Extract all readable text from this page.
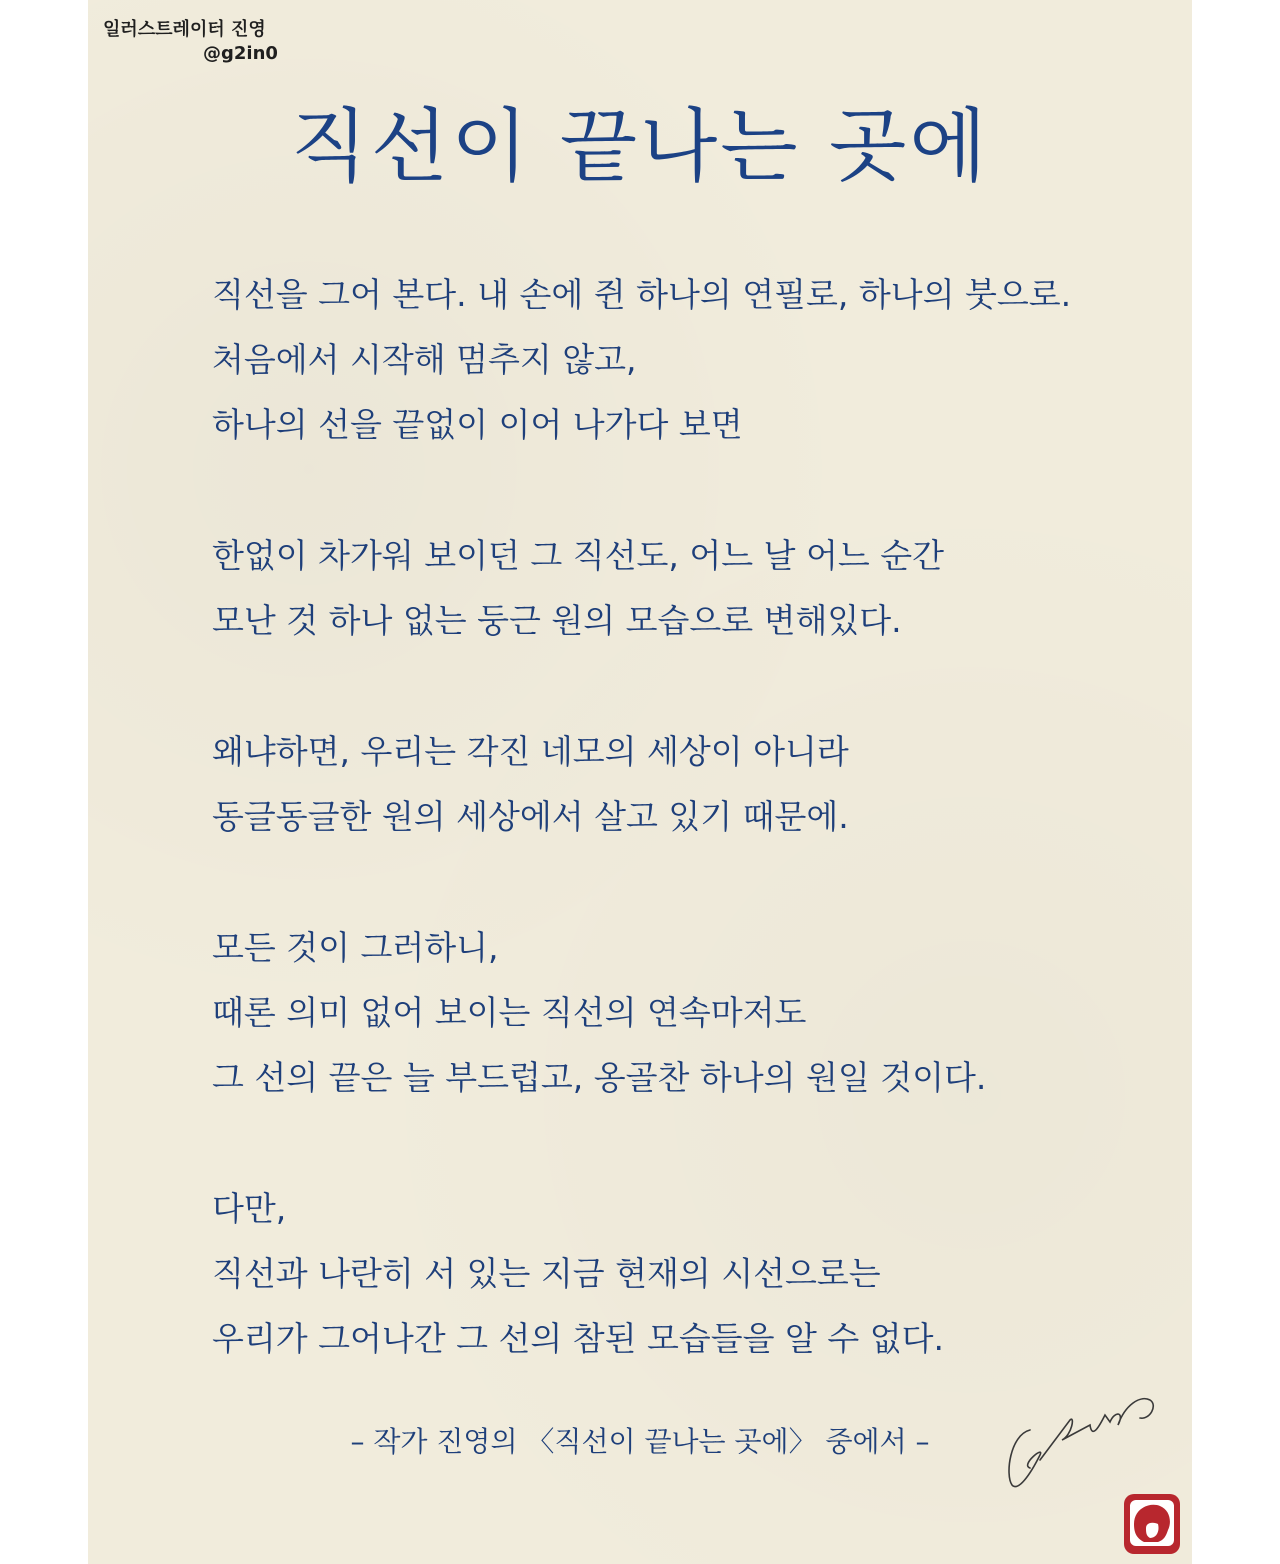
일러스트레이터 진영
@g2in0
직선이 끝나는 곳에
직선을 그어 본다. 내 손에 쥔 하나의 연필로, 하나의 붓으로.
처음에서 시작해 멈추지 않고,
하나의 선을 끝없이 이어 나가다 보면
한없이 차가워 보이던 그 직선도, 어느 날 어느 순간
모난 것 하나 없는 둥근 원의 모습으로 변해있다.
왜냐하면, 우리는 각진 네모의 세상이 아니라
동글동글한 원의 세상에서 살고 있기 때문에.
모든 것이 그러하니,
때론 의미 없어 보이는 직선의 연속마저도
그 선의 끝은 늘 부드럽고, 옹골찬 하나의 원일 것이다.
다만,
직선과 나란히 서 있는 지금 현재의 시선으로는
우리가 그어나간 그 선의 참된 모습들을 알 수 없다.
– 작가 진영의 〈직선이 끝나는 곳에〉 중에서 –
